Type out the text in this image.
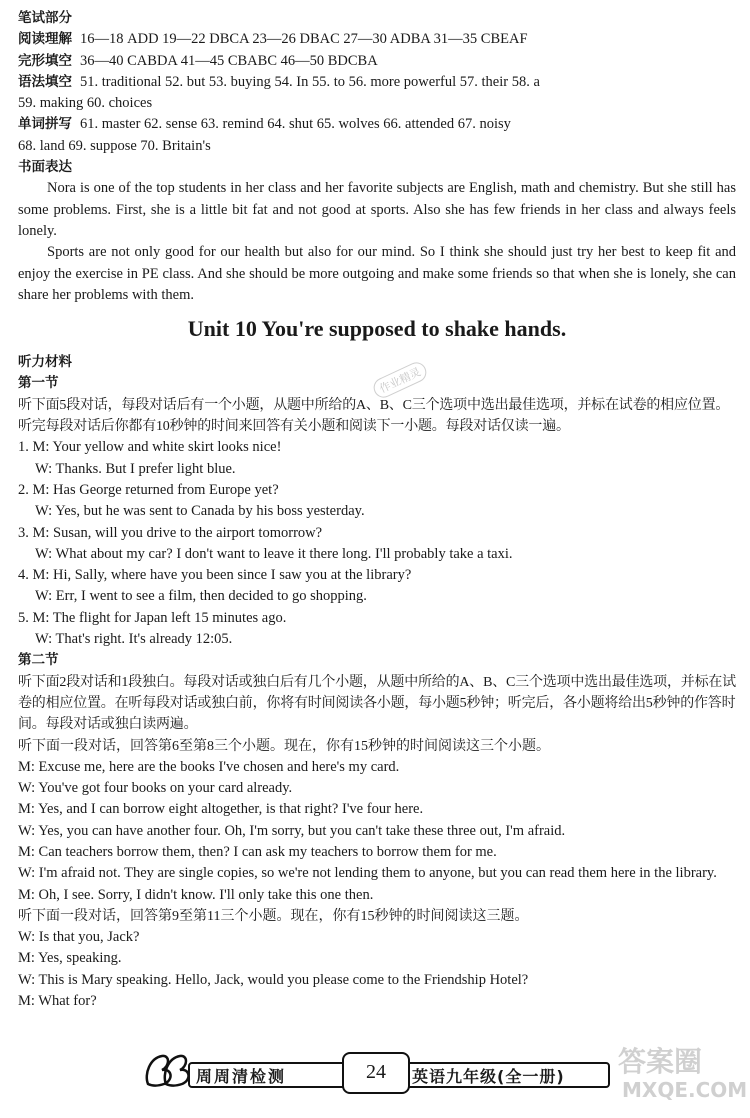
笔试部分
阅读理解 16—18 ADD 19—22 DBCA 23—26 DBAC 27—30 ADBA 31—35 CBEAF
完形填空 36—40 CABDA 41—45 CBABC 46—50 BDCBA
语法填空 51. traditional 52. but 53. buying 54. In 55. to 56. more powerful 57. their 58. a
59. making 60. choices
单词拼写 61. master 62. sense 63. remind 64. shut 65. wolves 66. attended 67. noisy
68. land 69. suppose 70. Britain's
书面表达
Nora is one of the top students in her class and her favorite subjects are English, math and chemistry. But she still has some problems. First, she is a little bit fat and not good at sports. Also she has few friends in her class and always feels lonely.
Sports are not only good for our health but also for our mind. So I think she should just try her best to keep fit and enjoy the exercise in PE class. And she should be more outgoing and make some friends so that when she is lonely, she can share her problems with them.
Unit 10 You're supposed to shake hands.
听力材料
第一节
听下面5段对话，每段对话后有一个小题，从题中所给的A、B、C三个选项中选出最佳选项，并标在试卷的相应位置。听完每段对话后你都有10秒钟的时间来回答有关小题和阅读下一小题。每段对话仅读一遍。
1. M: Your yellow and white skirt looks nice!
W: Thanks. But I prefer light blue.
2. M: Has George returned from Europe yet?
W: Yes, but he was sent to Canada by his boss yesterday.
3. M: Susan, will you drive to the airport tomorrow?
W: What about my car? I don't want to leave it there long. I'll probably take a taxi.
4. M: Hi, Sally, where have you been since I saw you at the library?
W: Err, I went to see a film, then decided to go shopping.
5. M: The flight for Japan left 15 minutes ago.
W: That's right. It's already 12:05.
第二节
听下面2段对话和1段独白。每段对话或独白后有几个小题，从题中所给的A、B、C三个选项中选出最佳选项，并标在试卷的相应位置。在听每段对话或独白前，你将有时间阅读各小题，每小题5秒钟；听完后，各小题将给出5秒钟的作答时间。每段对话或独白读两遍。
听下面一段对话，回答第6至第8三个小题。现在，你有15秒钟的时间阅读这三个小题。
M: Excuse me, here are the books I've chosen and here's my card.
W: You've got four books on your card already.
M: Yes, and I can borrow eight altogether, is that right? I've four here.
W: Yes, you can have another four. Oh, I'm sorry, but you can't take these three out, I'm afraid.
M: Can teachers borrow them, then? I can ask my teachers to borrow them for me.
W: I'm afraid not. They are single copies, so we're not lending them to anyone, but you can read them here in the library.
M: Oh, I see. Sorry, I didn't know. I'll only take this one then.
听下面一段对话，回答第9至第11三个小题。现在，你有15秒钟的时间阅读这三题。
W: Is that you, Jack?
M: Yes, speaking.
W: This is Mary speaking. Hello, Jack, would you please come to the Friendship Hotel?
M: What for?
作业精灵
周周清检测	24	英语九年级(全一册) 答案圈
MXQE.COM
